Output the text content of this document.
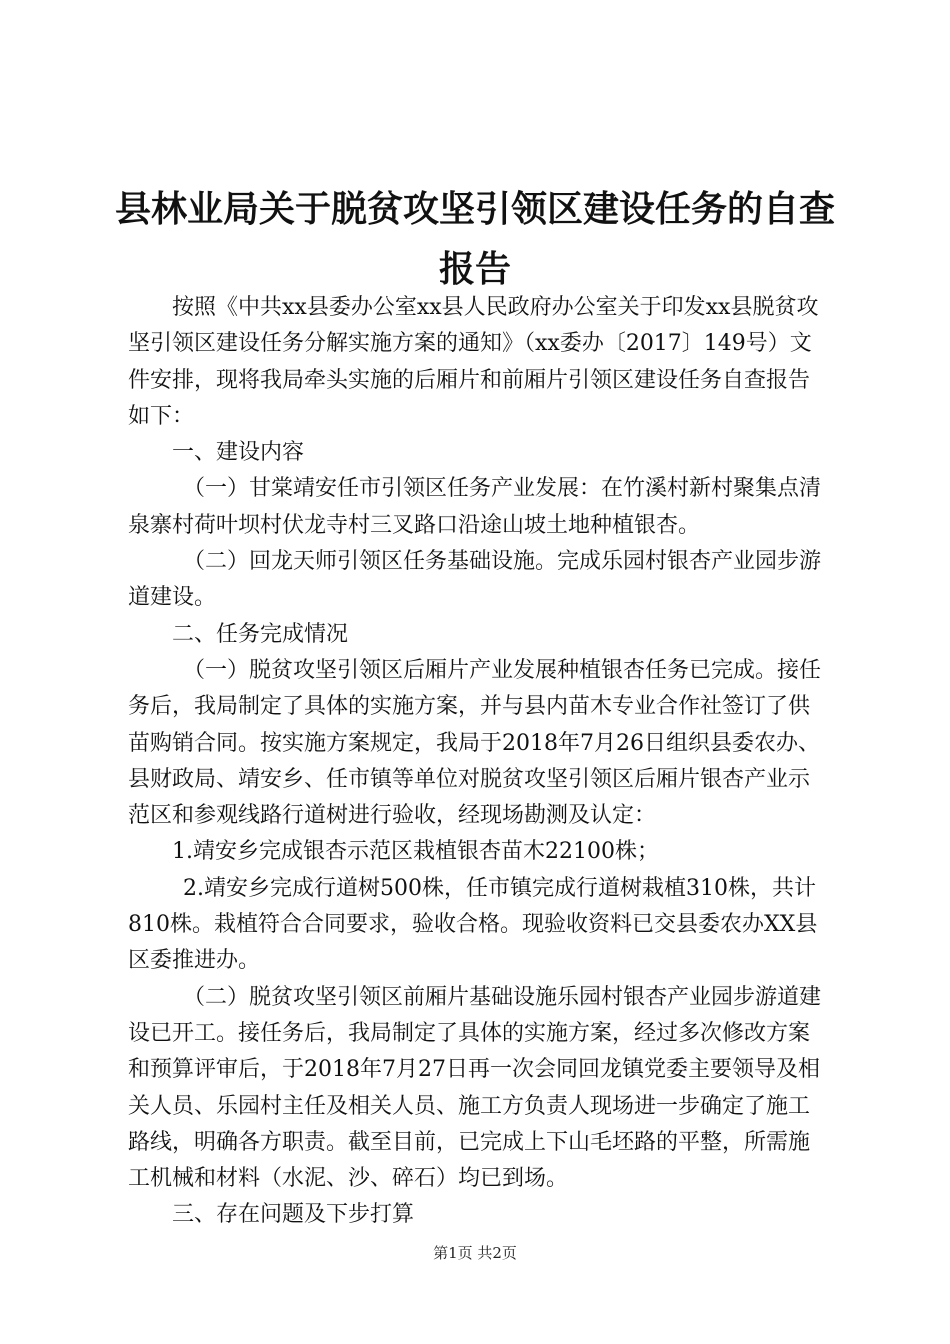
县林业局关于脱贫攻坚引领区建设任务的自查
报告

按照《中共xx县委办公室xx县人民政府办公室关于印发xx县脱贫攻坚引领区建设任务分解实施方案的通知》（xx委办〔2017〕149号）文件安排，现将我局牵头实施的后厢片和前厢片引领区建设任务自查报告如下：

一、建设内容

（一）甘棠靖安任市引领区任务产业发展：在竹溪村新村聚集点清泉寨村荷叶坝村伏龙寺村三叉路口沿途山坡土地种植银杏。

（二）回龙天师引领区任务基础设施。完成乐园村银杏产业园步游道建设。

二、任务完成情况

（一）脱贫攻坚引领区后厢片产业发展种植银杏任务已完成。接任务后，我局制定了具体的实施方案，并与县内苗木专业合作社签订了供苗购销合同。按实施方案规定，我局于2018年7月26日组织县委农办、县财政局、靖安乡、任市镇等单位对脱贫攻坚引领区后厢片银杏产业示范区和参观线路行道树进行验收，经现场勘测及认定：

1.靖安乡完成银杏示范区栽植银杏苗木22100株；

2.靖安乡完成行道树500株，任市镇完成行道树栽植310株，共计810株。栽植符合合同要求，验收合格。现验收资料已交县委农办XX县区委推进办。

（二）脱贫攻坚引领区前厢片基础设施乐园村银杏产业园步游道建设已开工。接任务后，我局制定了具体的实施方案，经过多次修改方案和预算评审后，于2018年7月27日再一次会同回龙镇党委主要领导及相关人员、乐园村主任及相关人员、施工方负责人现场进一步确定了施工路线，明确各方职责。截至目前，已完成上下山毛坯路的平整，所需施工机械和材料（水泥、沙、碎石）均已到场。

三、存在问题及下步打算

第1页 共2页
